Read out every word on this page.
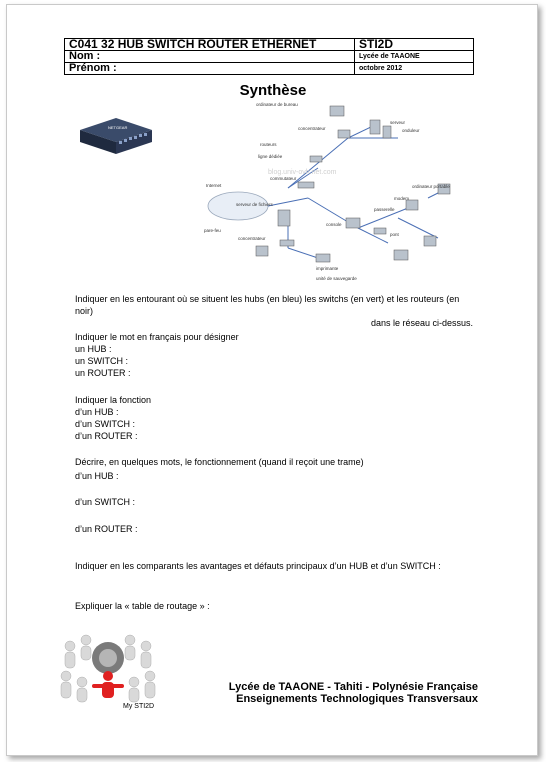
C041 32 HUB SWITCH ROUTER ETHERNET	STI2D
Nom :	Lycée de TAAONE
Prénom :	octobre 2012
Synthèse
NETGEAR
ordinateur de bureau
serveur
onduleur
concentrateur
routeurs
ligne dédiée
commutateur
Internet	ordinateur portable
serveur de fichiers
modem
passerelle
pare-feu
console
pont
concentrateur
imprimante
unité de sauvegarde
blog.univ-ovh.net.com
Indiquer en les entourant où se situent les hubs (en bleu) les switchs (en vert) et les routeurs (en noir)
dans le réseau ci-dessus.
Indiquer le mot en français pour désigner
un HUB :
un SWITCH :
un ROUTER :
Indiquer la fonction
d’un HUB :
d’un SWITCH :
d’un ROUTER :
Décrire, en quelques mots, le fonctionnement (quand il reçoit une trame)
d’un HUB :
d’un SWITCH :
d’un ROUTER :
Indiquer en les comparants les avantages et défauts principaux d’un HUB et d’un SWITCH :
Expliquer la « table de routage » :
My STI2D
Lycée de TAAONE - Tahiti - Polynésie Française
Enseignements Technologiques Transversaux
